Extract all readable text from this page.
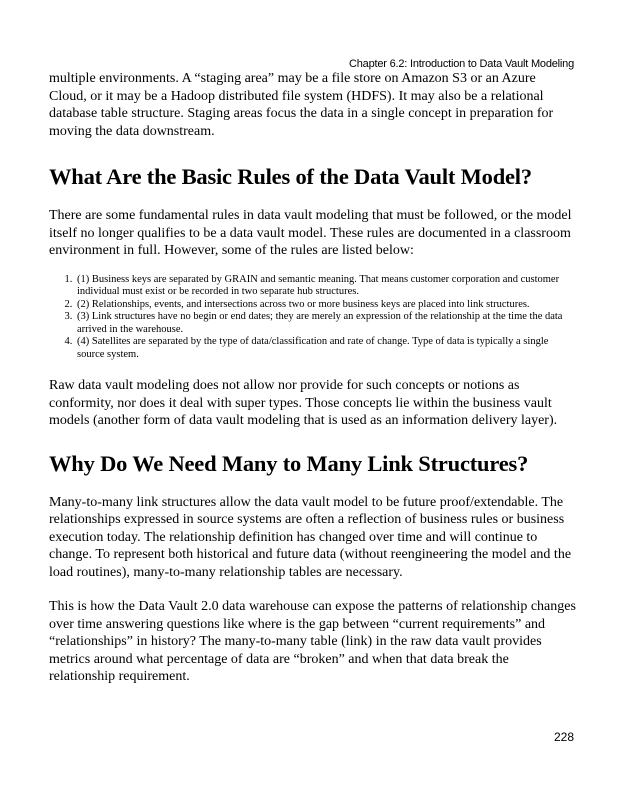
Chapter 6.2: Introduction to Data Vault Modeling

multiple environments. A “staging area” may be a file store on Amazon S3 or an Azure Cloud, or it may be a Hadoop distributed file system (HDFS). It may also be a relational database table structure. Staging areas focus the data in a single concept in preparation for moving the data downstream.

What Are the Basic Rules of the Data Vault Model?

There are some fundamental rules in data vault modeling that must be followed, or the model itself no longer qualifies to be a data vault model. These rules are documented in a classroom environment in full. However, some of the rules are listed below:

1. (1) Business keys are separated by GRAIN and semantic meaning. That means customer corporation and customer individual must exist or be recorded in two separate hub structures.
2. (2) Relationships, events, and intersections across two or more business keys are placed into link structures.
3. (3) Link structures have no begin or end dates; they are merely an expression of the relationship at the time the data arrived in the warehouse.
4. (4) Satellites are separated by the type of data/classification and rate of change. Type of data is typically a single source system.

Raw data vault modeling does not allow nor provide for such concepts or notions as conformity, nor does it deal with super types. Those concepts lie within the business vault models (another form of data vault modeling that is used as an information delivery layer).

Why Do We Need Many to Many Link Structures?

Many-to-many link structures allow the data vault model to be future proof/extendable. The relationships expressed in source systems are often a reflection of business rules or business execution today. The relationship definition has changed over time and will continue to change. To represent both historical and future data (without reengineering the model and the load routines), many-to-many relationship tables are necessary.

This is how the Data Vault 2.0 data warehouse can expose the patterns of relationship changes over time answering questions like where is the gap between “current requirements” and “relationships” in history? The many-to-many table (link) in the raw data vault provides metrics around what percentage of data are “broken” and when that data break the relationship requirement.

228
